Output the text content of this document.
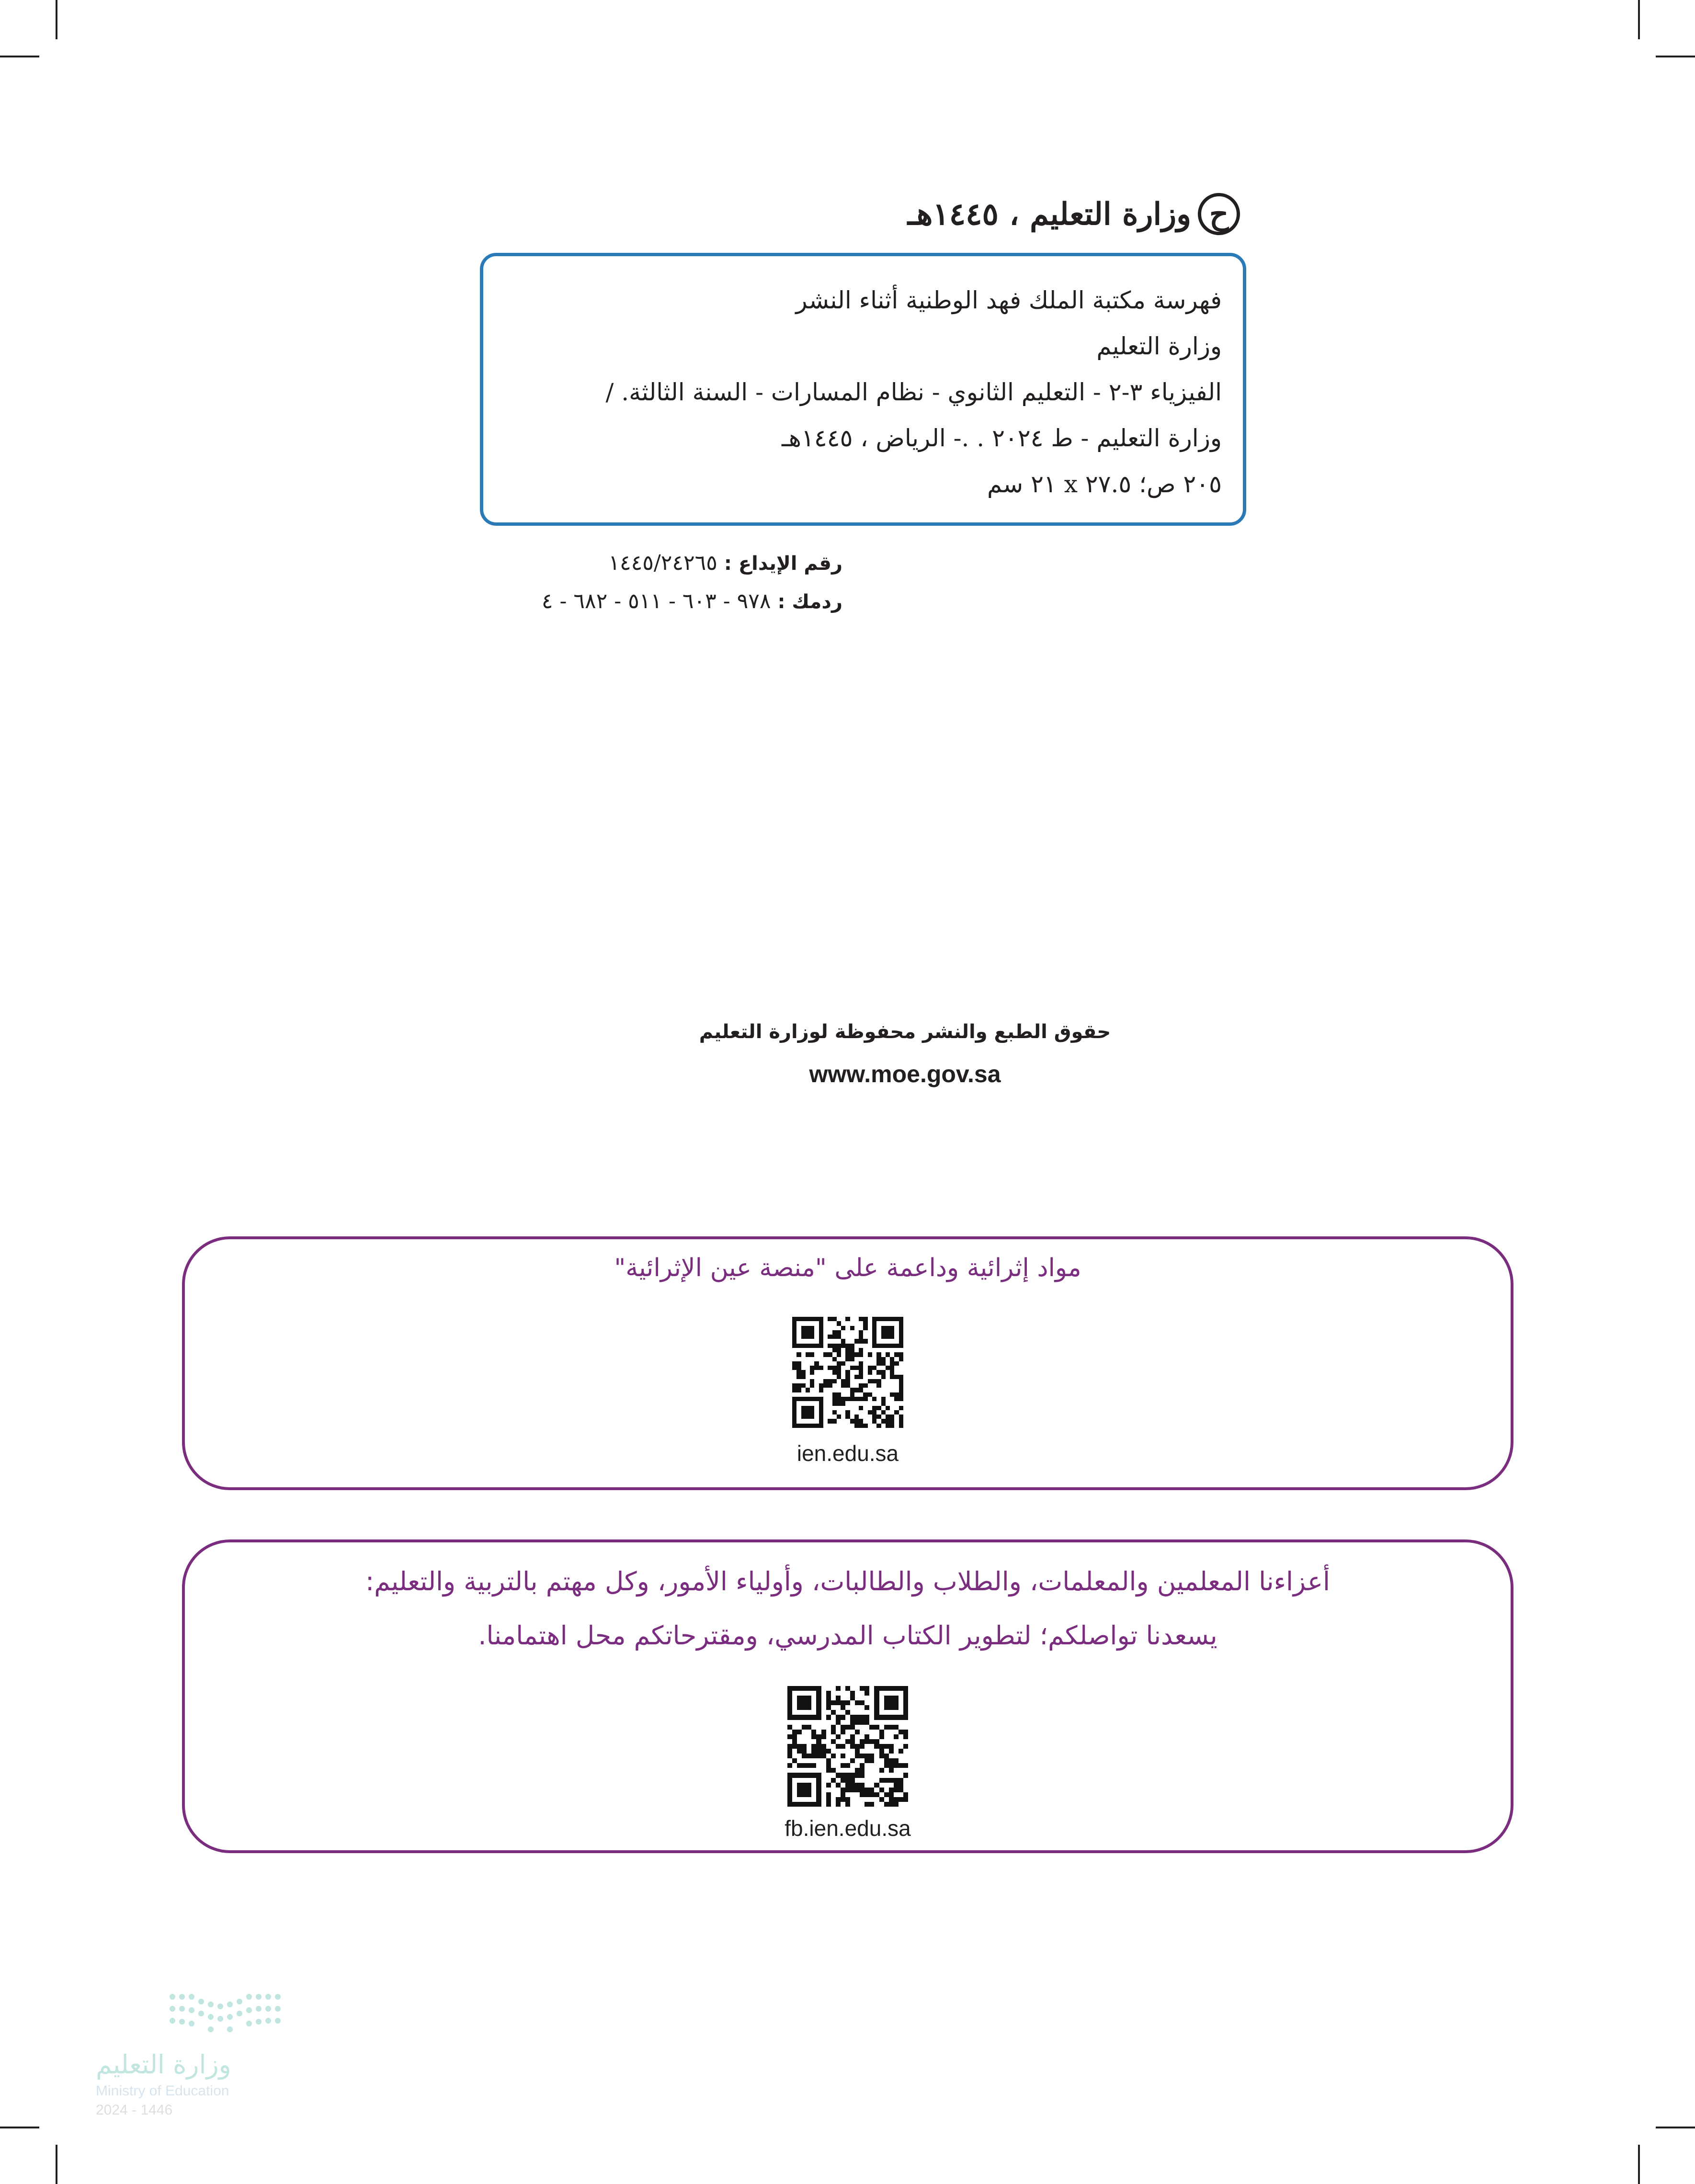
ح
وزارة التعليم ، ١٤٤٥هـ
فهرسة مكتبة الملك فهد الوطنية أثناء النشر
وزارة التعليم
الفيزياء ٣-٢ - التعليم الثانوي - نظام المسارات - السنة الثالثة. /
وزارة التعليم - ط ٢٠٢٤ . .- الرياض ، ١٤٤٥هـ
٢٠٥ ص؛ ٢٧.٥ x ٢١ سم
رقم الإيداع : ١٤٤٥/٢٤٢٦٥
ردمك : ٩٧٨ - ٦٠٣ - ٥١١ - ٦٨٢ - ٤
حقوق الطبع والنشر محفوظة لوزارة التعليم
www.moe.gov.sa
مواد إثرائية وداعمة على "منصة عين الإثرائية"
ien.edu.sa
أعزاءنا المعلمين والمعلمات، والطلاب والطالبات، وأولياء الأمور، وكل مهتم بالتربية والتعليم:
يسعدنا تواصلكم؛ لتطوير الكتاب المدرسي، ومقترحاتكم محل اهتمامنا.
fb.ien.edu.sa
وزارة التعليم
Ministry of Education
2024 - 1446
